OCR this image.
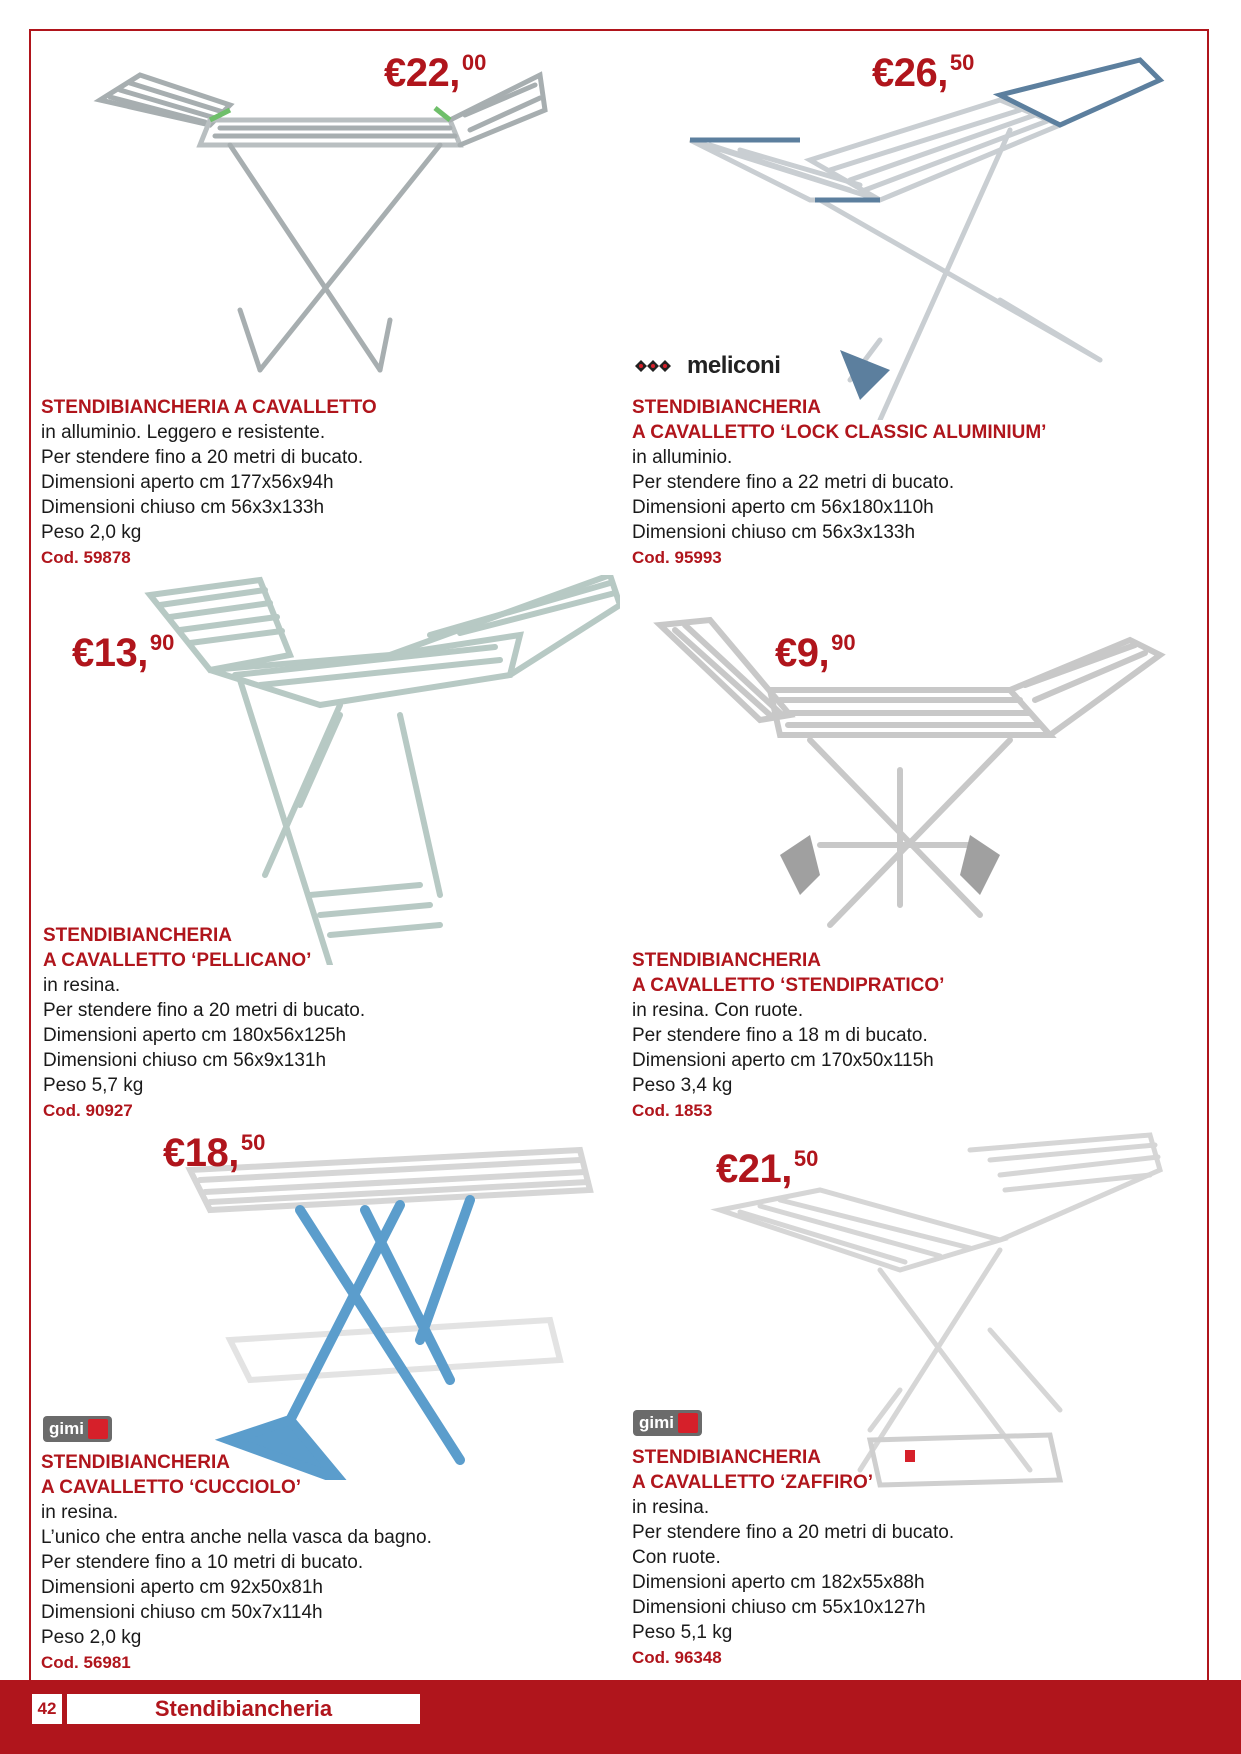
€22,00
STENDIBIANCHERIA A CAVALLETTO
in alluminio. Leggero e resistente.
Per stendere fino a 20 metri di bucato.
Dimensioni aperto cm 177x56x94h
Dimensioni chiuso cm 56x3x133h
Peso 2,0 kg
Cod. 59878
€26,50
meliconi
STENDIBIANCHERIA
A CAVALLETTO ‘LOCK CLASSIC ALUMINIUM’
in alluminio.
Per stendere fino a 22 metri di bucato.
Dimensioni aperto cm 56x180x110h
Dimensioni chiuso cm 56x3x133h
Cod. 95993
€13,90
STENDIBIANCHERIA
A CAVALLETTO ‘PELLICANO’
in resina.
Per stendere fino a 20 metri di bucato.
Dimensioni aperto cm 180x56x125h
Dimensioni chiuso cm 56x9x131h
Peso 5,7 kg
Cod. 90927
€9,90
STENDIBIANCHERIA
A CAVALLETTO ‘STENDIPRATICO’
in resina. Con ruote.
Per stendere fino a 18 m di bucato.
Dimensioni aperto cm 170x50x115h
Peso 3,4 kg
Cod. 1853
€18,50
gimi
STENDIBIANCHERIA
A CAVALLETTO ‘CUCCIOLO’
in resina.
L’unico che entra anche nella vasca da bagno.
Per stendere fino a 10 metri di bucato.
Dimensioni aperto cm 92x50x81h
Dimensioni chiuso cm 50x7x114h
Peso 2,0 kg
Cod. 56981
€21,50
gimi
STENDIBIANCHERIA
A CAVALLETTO ‘ZAFFIRO’
in resina.
Per stendere fino a 20 metri di bucato.
Con ruote.
Dimensioni aperto cm 182x55x88h
Dimensioni chiuso cm 55x10x127h
Peso 5,1 kg
Cod. 96348
42	Stendibiancheria
